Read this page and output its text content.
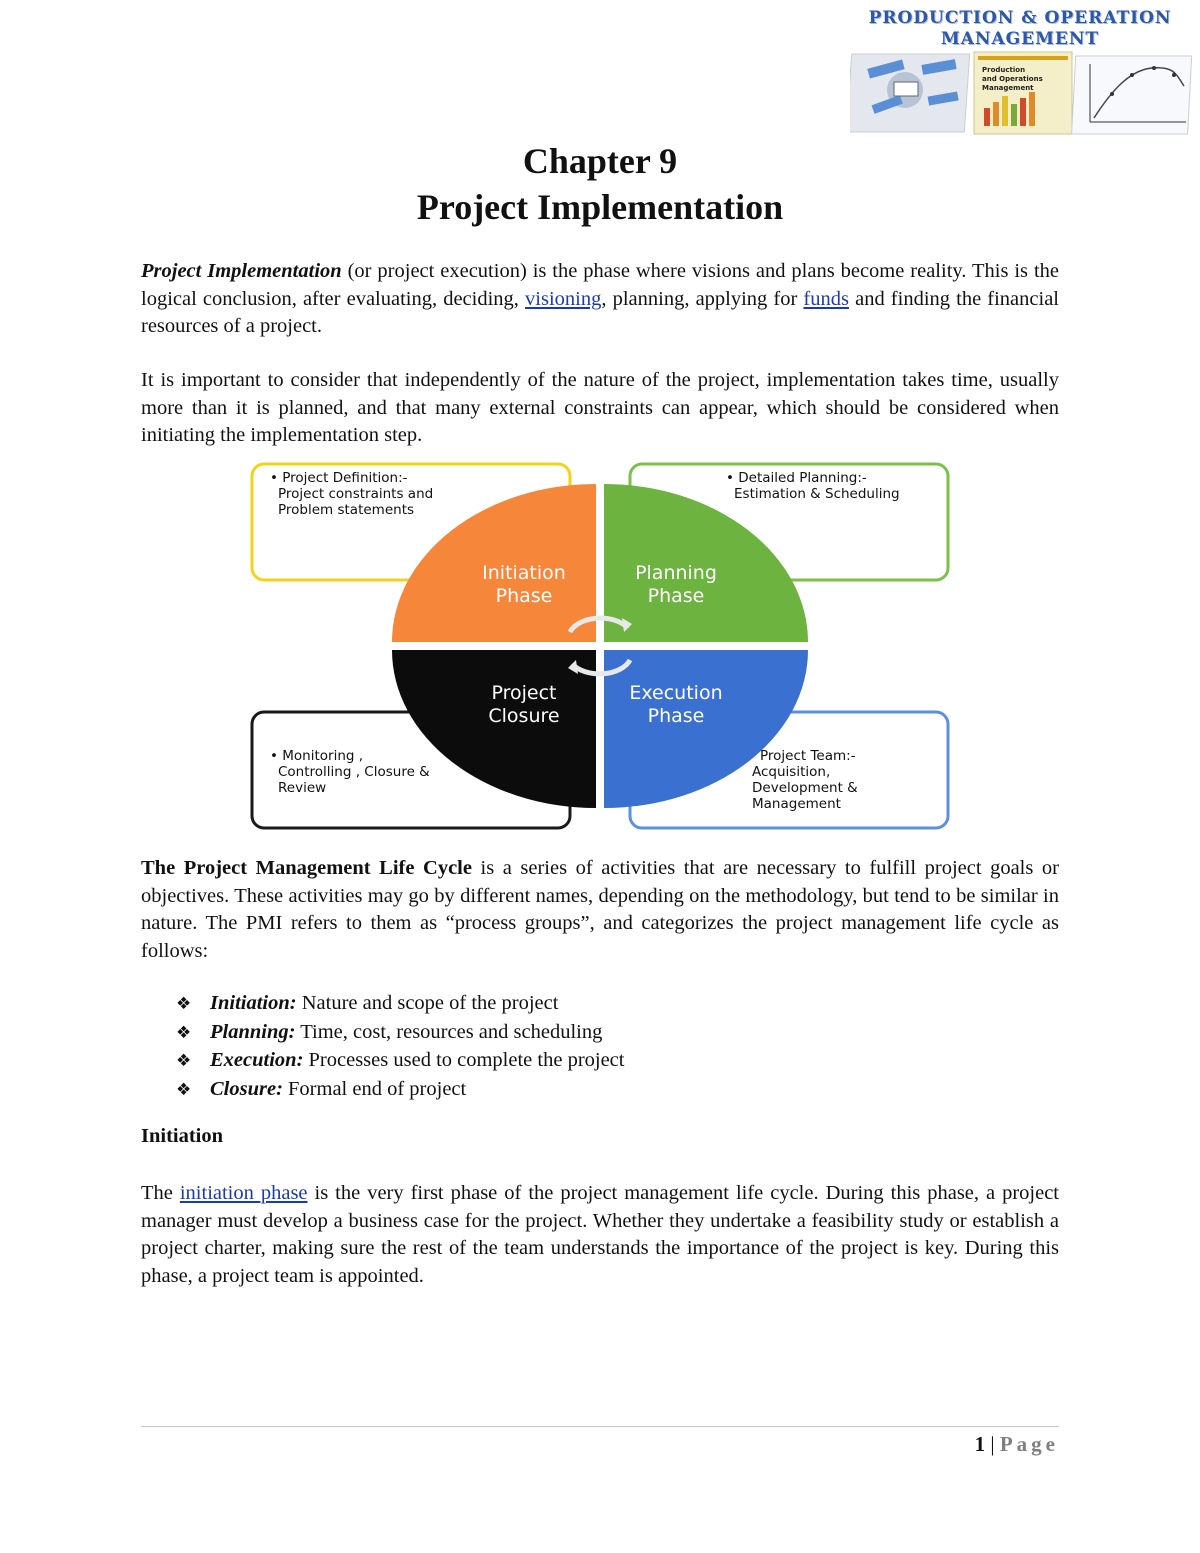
PRODUCTION & OPERATION
MANAGEMENT
Production
and Operations
Management
Chapter 9
Project Implementation

Project Implementation (or project execution) is the phase where visions and plans become reality. This is the logical conclusion, after evaluating, deciding, visioning, planning, applying for funds and finding the financial resources of a project.

It is important to consider that independently of the nature of the project, implementation takes time, usually more than it is planned, and that many external constraints can appear, which should be considered when initiating the implementation step.

• Project Definition:-
Project constraints and
Problem statements
• Detailed Planning:-
Estimation & Scheduling
• Monitoring ,
Controlling , Closure &
Review
Project Team:-
Acquisition,
Development &
Management
Initiation
Phase
Planning
Phase
Project
Closure
Execution
Phase

The Project Management Life Cycle is a series of activities that are necessary to fulfill project goals or objectives. These activities may go by different names, depending on the methodology, but tend to be similar in nature. The PMI refers to them as “process groups”, and categorizes the project management life cycle as follows:

❖ Initiation: Nature and scope of the project
❖ Planning: Time, cost, resources and scheduling
❖ Execution: Processes used to complete the project
❖ Closure: Formal end of project
Initiation

The initiation phase is the very first phase of the project management life cycle. During this phase, a project manager must develop a business case for the project. Whether they undertake a feasibility study or establish a project charter, making sure the rest of the team understands the importance of the project is key. During this phase, a project team is appointed.

1 | Page
